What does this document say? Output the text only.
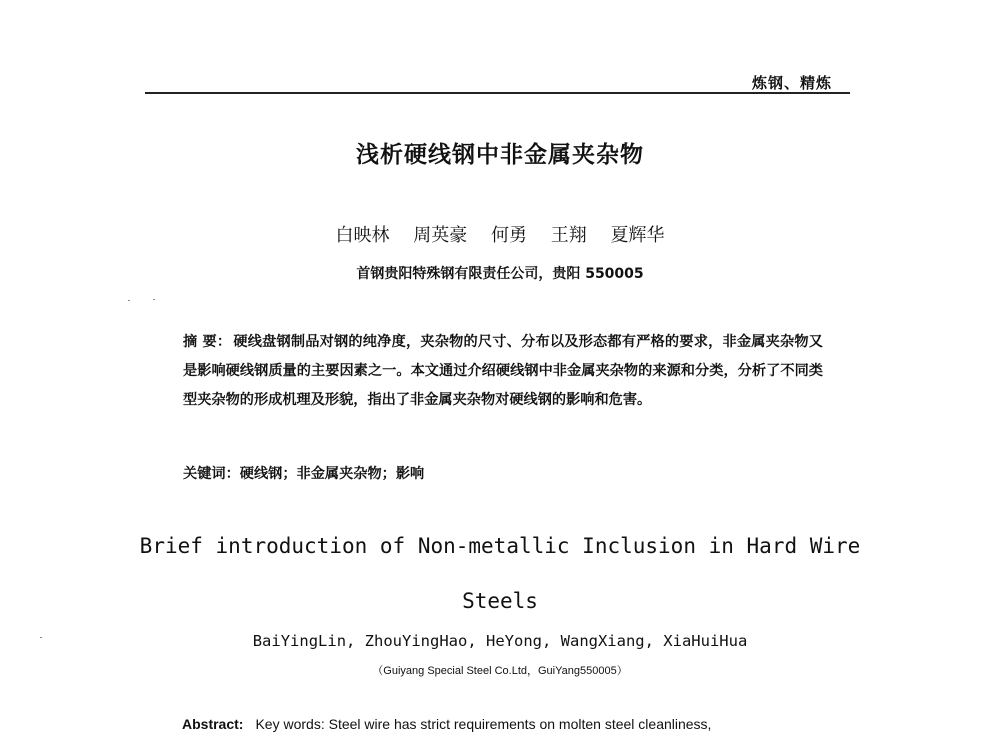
炼钢、精炼
浅析硬线钢中非金属夹杂物
白映林 周英豪 何勇 王翔 夏辉华
首钢贵阳特殊钢有限责任公司，贵阳 550005
摘 要： 硬线盘钢制品对钢的纯净度，夹杂物的尺寸、分布以及形态都有严格的要求，非金属夹杂物又是影响硬线钢质量的主要因素之一。本文通过介绍硬线钢中非金属夹杂物的来源和分类，分析了不同类型夹杂物的形成机理及形貌，指出了非金属夹杂物对硬线钢的影响和危害。
关键词：硬线钢；非金属夹杂物；影响
Brief introduction of Non-metallic Inclusion in Hard Wire
Steels
BaiYingLin, ZhouYingHao, HeYong, WangXiang, XiaHuiHua
（Guiyang Special Steel Co.Ltd，GuiYang550005）
Abstract: Key words: Steel wire has strict requirements on molten steel cleanliness,
